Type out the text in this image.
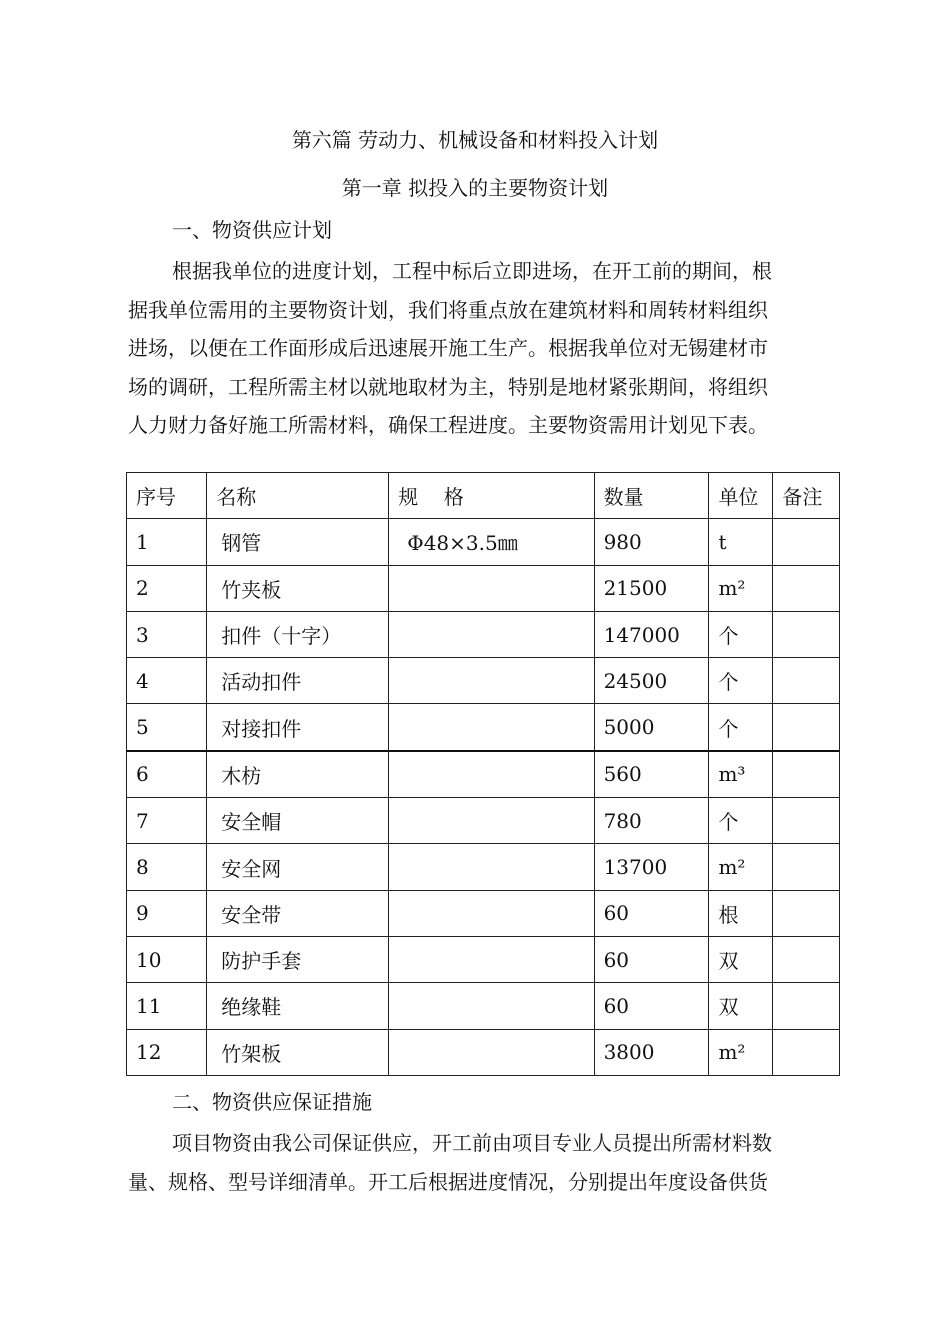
第六篇 劳动力、机械设备和材料投入计划
第一章 拟投入的主要物资计划
一、物资供应计划
根据我单位的进度计划，工程中标后立即进场，在开工前的期间，根
据我单位需用的主要物资计划，我们将重点放在建筑材料和周转材料组织
进场，以便在工作面形成后迅速展开施工生产。根据我单位对无锡建材市
场的调研，工程所需主材以就地取材为主，特别是地材紧张期间，将组织
人力财力备好施工所需材料，确保工程进度。主要物资需用计划见下表。
序号	名称	规    格	数量	单位	备注
1	钢管	Φ48×3.5㎜	980	t	
2	竹夹板		21500	m²	
3	扣件（十字）		147000	个	
4	活动扣件		24500	个	
5	对接扣件		5000	个	
6	木枋		560	m³	
7	安全帽		780	个	
8	安全网		13700	m²	
9	安全带		60	根	
10	防护手套		60	双	
11	绝缘鞋		60	双	
12	竹架板		3800	m²	
二、物资供应保证措施
项目物资由我公司保证供应，开工前由项目专业人员提出所需材料数
量、规格、型号详细清单。开工后根据进度情况，分别提出年度设备供货
